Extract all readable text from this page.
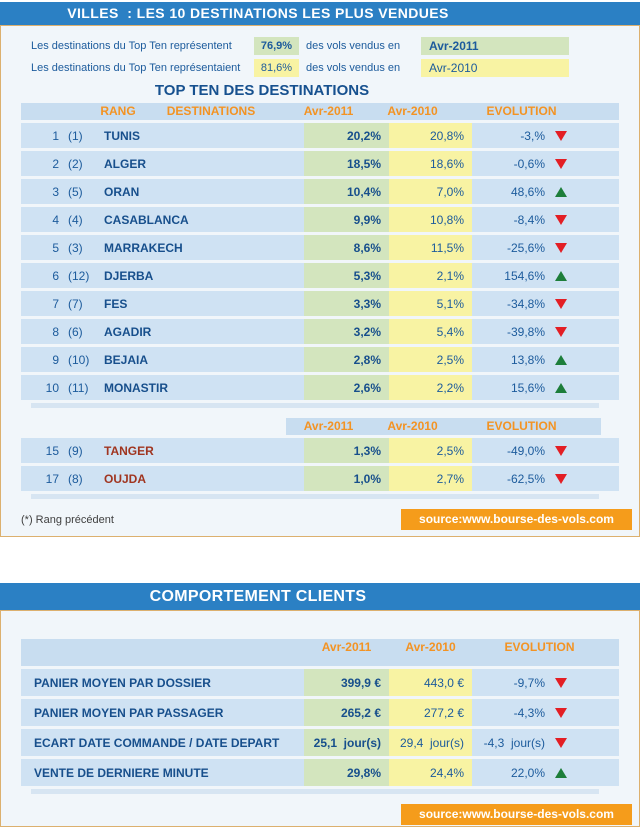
VILLES  : LES 10 DESTINATIONS LES PLUS VENDUES
Les destinations du Top Ten représentent	76,9%	des vols vendus en	Avr-2011
Les destinations du Top Ten représentaient	81,6%	des vols vendus en	Avr-2010
TOP TEN DES DESTINATIONS
RANG	DESTINATIONS	Avr-2011	Avr-2010	EVOLUTION
1 (1)	TUNIS	20,2%	20,8%	-3,%
2 (2)	ALGER	18,5%	18,6%	-0,6%
3 (5)	ORAN	10,4%	7,0%	48,6%
4 (4)	CASABLANCA	9,9%	10,8%	-8,4%
5 (3)	MARRAKECH	8,6%	11,5%	-25,6%
6 (12)	DJERBA	5,3%	2,1%	154,6%
7 (7)	FES	3,3%	5,1%	-34,8%
8 (6)	AGADIR	3,2%	5,4%	-39,8%
9 (10)	BEJAIA	2,8%	2,5%	13,8%
10 (11)	MONASTIR	2,6%	2,2%	15,6%
Avr-2011	Avr-2010	EVOLUTION
15 (9)	TANGER	1,3%	2,5%	-49,0%
17 (8)	OUJDA	1,0%	2,7%	-62,5%
(*) Rang précédent	source:www.bourse-des-vols.com
COMPORTEMENT CLIENTS
Avr-2011	Avr-2010	EVOLUTION
PANIER MOYEN PAR DOSSIER	399,9 €	443,0 €	-9,7%
PANIER MOYEN PAR PASSAGER	265,2 €	277,2 €	-4,3%
ECART DATE COMMANDE / DATE DEPART	25,1  jour(s)	29,4  jour(s)	-4,3  jour(s)
VENTE DE DERNIERE MINUTE	29,8%	24,4%	22,0%
source:www.bourse-des-vols.com
